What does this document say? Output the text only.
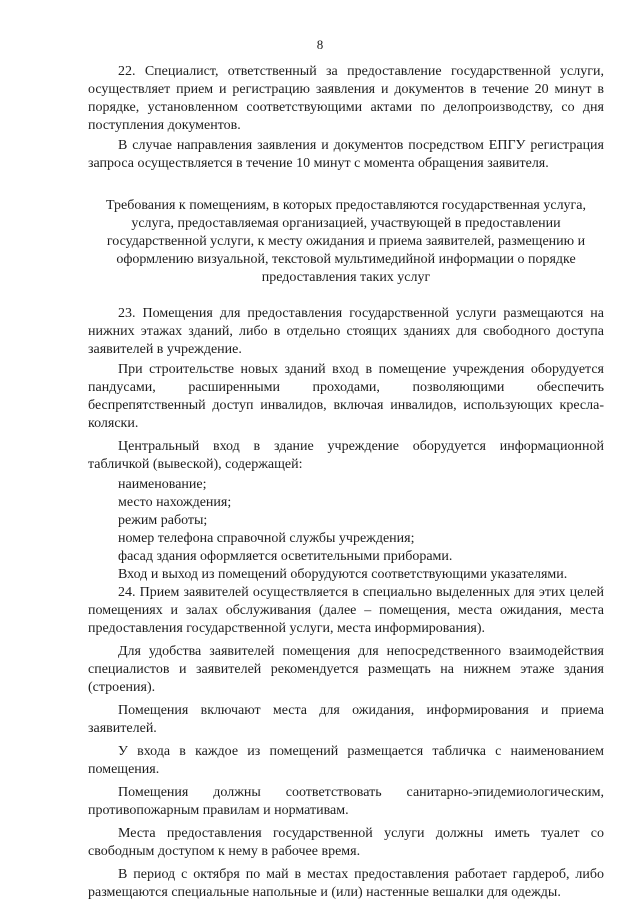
8

22. Специалист, ответственный за предоставление государственной услуги, осуществляет прием и регистрацию заявления и документов в течение 20 минут в порядке, установленном соответствующими актами по делопроизводству, со дня поступления документов.

В случае направления заявления и документов посредством ЕПГУ регистрация запроса осуществляется в течение 10 минут с момента обращения заявителя.

Требования к помещениям, в которых предоставляются государственная услуга, услуга, предоставляемая организацией, участвующей в предоставлении государственной услуги, к месту ожидания и приема заявителей, размещению и оформлению визуальной, текстовой мультимедийной информации о порядке предоставления таких услуг

23. Помещения для предоставления государственной услуги размещаются на нижних этажах зданий, либо в отдельно стоящих зданиях для свободного доступа заявителей в учреждение.

При строительстве новых зданий вход в помещение учреждения оборудуется пандусами, расширенными проходами, позволяющими обеспечить беспрепятственный доступ инвалидов, включая инвалидов, использующих кресла-коляски.

Центральный вход в здание учреждение оборудуется информационной табличкой (вывеской), содержащей:

наименование;

место нахождения;

режим работы;

номер телефона справочной службы учреждения;

фасад здания оформляется осветительными приборами.

Вход и выход из помещений оборудуются соответствующими указателями.

24. Прием заявителей осуществляется в специально выделенных для этих целей помещениях и залах обслуживания (далее – помещения, места ожидания, места предоставления государственной услуги, места информирования).

Для удобства заявителей помещения для непосредственного взаимодействия специалистов и заявителей рекомендуется размещать на нижнем этаже здания (строения).

Помещения включают места для ожидания, информирования и приема заявителей.

У входа в каждое из помещений размещается табличка с наименованием помещения.

Помещения должны соответствовать санитарно-эпидемиологическим, противопожарным правилам и нормативам.

Места предоставления государственной услуги должны иметь туалет со свободным доступом к нему в рабочее время.

В период с октября по май в местах предоставления работает гардероб, либо размещаются специальные напольные и (или) настенные вешалки для одежды.
